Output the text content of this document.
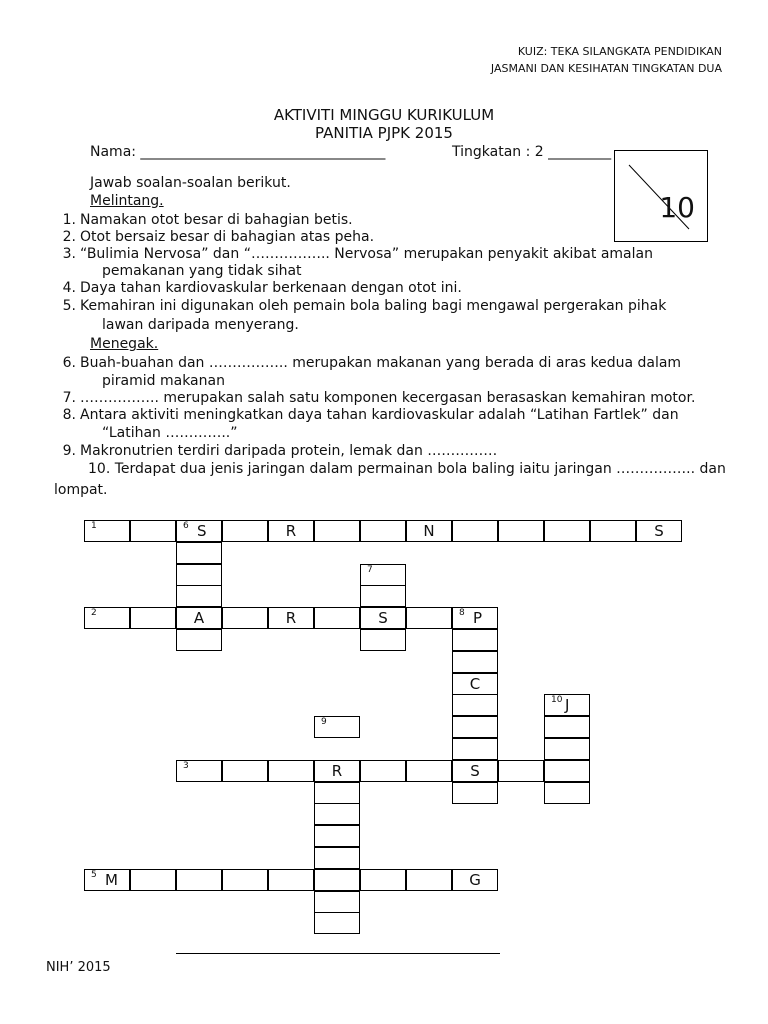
KUIZ: TEKA SILANGKATA PENDIDIKAN
JASMANI DAN KESIHATAN TINGKATAN DUA
AKTIVITI MINGGU KURIKULUM
PANITIA PJPK 2015
Nama: ___________________________________	Tingkatan : 2 _________
10
Jawab soalan-soalan berikut.
Melintang.
1. Namakan otot besar di bahagian betis.
2. Otot bersaiz besar di bahagian atas peha.
3. “Bulimia Nervosa” dan “…………….. Nervosa” merupakan penyakit akibat amalan
pemakanan yang tidak sihat
4. Daya tahan kardiovaskular berkenaan dengan otot ini.
5. Kemahiran ini digunakan oleh pemain bola baling bagi mengawal pergerakan pihak
lawan daripada menyerang.
Menegak.
6. Buah-buahan dan …………….. merupakan makanan yang berada di aras kedua dalam
piramid makanan
7. …………….. merupakan salah satu komponen kecergasan berasaskan kemahiran motor.
8. Antara aktiviti meningkatkan daya tahan kardiovaskular adalah “Latihan Fartlek” dan
“Latihan …………..”
9. Makronutrien terdiri daripada protein, lemak dan ……………
10. Terdapat dua jenis jaringan dalam permainan bola baling iaitu jaringan …………….. dan
lompat.
1	6 S	R	N	S
7
2	A	R	S	8 P
C
10 J
9
3	R	S
5 M	G
NIH’ 2015
